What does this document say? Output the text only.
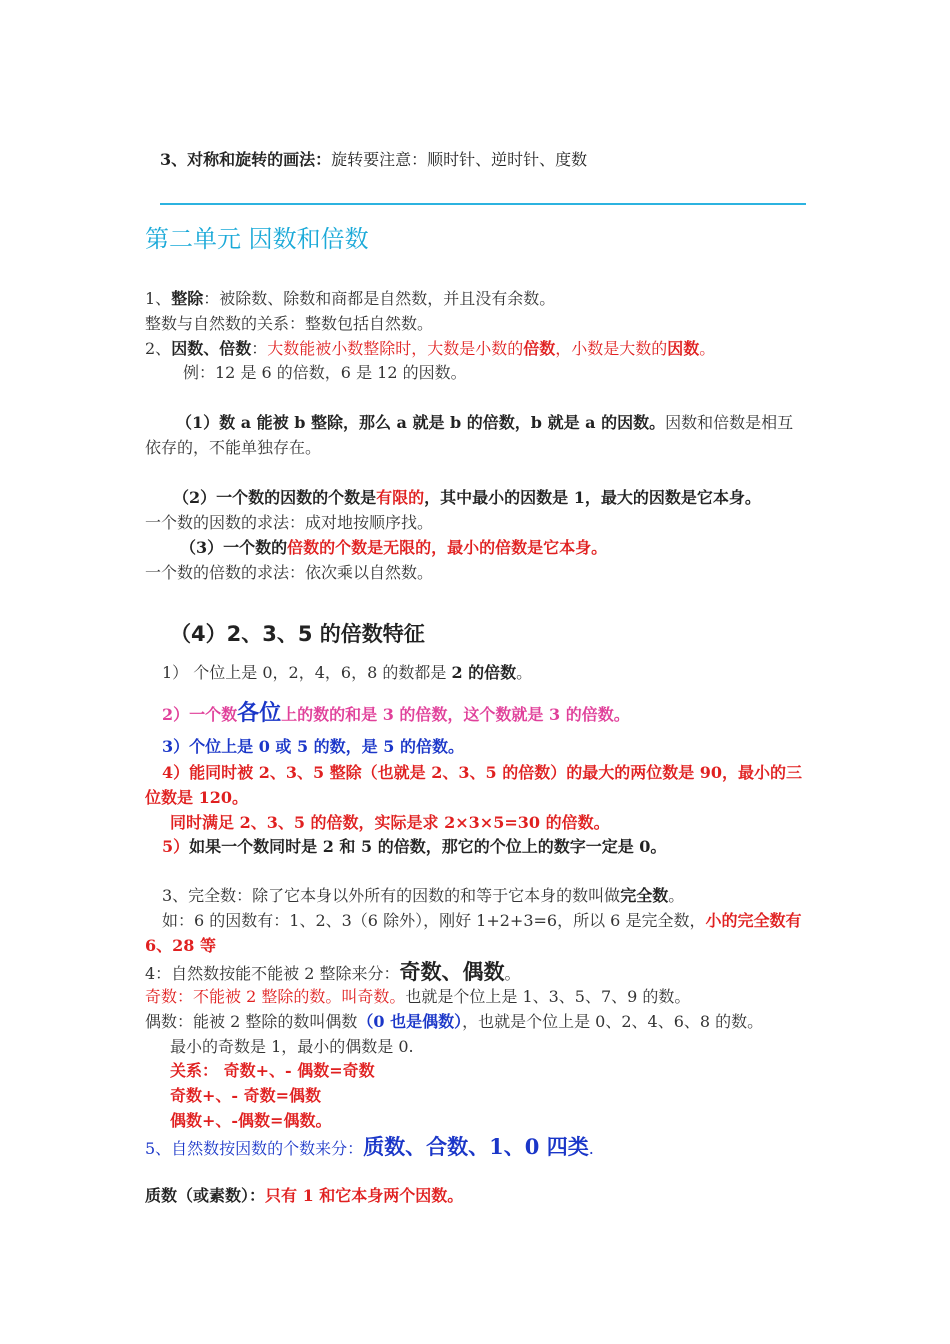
3、对称和旋转的画法：旋转要注意：顺时针、逆时针、度数
第二单元 因数和倍数
1、整除：被除数、除数和商都是自然数，并且没有余数。
整数与自然数的关系：整数包括自然数。
2、因数、倍数：大数能被小数整除时，大数是小数的倍数，小数是大数的因数。
例：12 是 6 的倍数，6 是 12 的因数。
（1）数 a 能被 b 整除，那么 a 就是 b 的倍数，b 就是 a 的因数。因数和倍数是相互
依存的，不能单独存在。
（2）一个数的因数的个数是有限的，其中最小的因数是 1，最大的因数是它本身。
一个数的因数的求法：成对地按顺序找。
（3）一个数的倍数的个数是无限的，最小的倍数是它本身。
一个数的倍数的求法：依次乘以自然数。
（4）2、3、5 的倍数特征
1） 个位上是 0，2，4，6，8 的数都是 2 的倍数。
2）一个数各位上的数的和是 3 的倍数，这个数就是 3 的倍数。
3）个位上是 0 或 5 的数，是 5 的倍数。
4）能同时被 2、3、5 整除（也就是 2、3、5 的倍数）的最大的两位数是 90，最小的三
位数是 120。
同时满足 2、3、5 的倍数，实际是求 2×3×5=30 的倍数。
5）如果一个数同时是 2 和 5 的倍数，那它的个位上的数字一定是 0。
3、完全数：除了它本身以外所有的因数的和等于它本身的数叫做完全数。
如：6 的因数有：1、2、3（6 除外），刚好 1+2+3=6，所以 6 是完全数，小的完全数有
6、28 等
4：自然数按能不能被 2 整除来分：奇数、偶数。
奇数：不能被 2 整除的数。叫奇数。也就是个位上是 1、3、5、7、9 的数。
偶数：能被 2 整除的数叫偶数（0 也是偶数），也就是个位上是 0、2、4、6、8 的数。
最小的奇数是 1，最小的偶数是 0.
关系： 奇数+、- 偶数=奇数
奇数+、- 奇数=偶数
偶数+、-偶数=偶数。
5、自然数按因数的个数来分：质数、合数、1、0 四类.
质数（或素数）：只有 1 和它本身两个因数。
